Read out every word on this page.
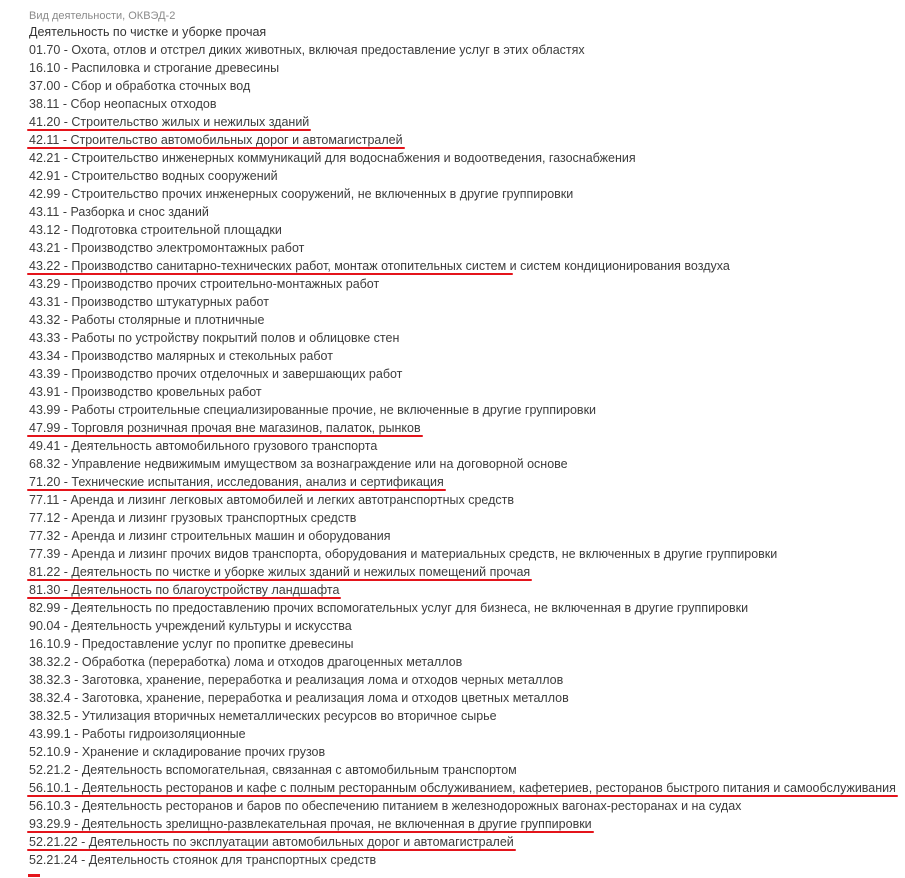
Вид деятельности, ОКВЭД-2
Деятельность по чистке и уборке прочая
01.70 - Охота, отлов и отстрел диких животных, включая предоставление услуг в этих областях
16.10 - Распиловка и строгание древесины
37.00 - Сбор и обработка сточных вод
38.11 - Сбор неопасных отходов
41.20 - Строительство жилых и нежилых зданий
42.11 - Строительство автомобильных дорог и автомагистралей
42.21 - Строительство инженерных коммуникаций для водоснабжения и водоотведения, газоснабжения
42.91 - Строительство водных сооружений
42.99 - Строительство прочих инженерных сооружений, не включенных в другие группировки
43.11 - Разборка и снос зданий
43.12 - Подготовка строительной площадки
43.21 - Производство электромонтажных работ
43.22 - Производство санитарно-технических работ, монтаж отопительных систем и систем кондиционирования воздуха
43.29 - Производство прочих строительно-монтажных работ
43.31 - Производство штукатурных работ
43.32 - Работы столярные и плотничные
43.33 - Работы по устройству покрытий полов и облицовке стен
43.34 - Производство малярных и стекольных работ
43.39 - Производство прочих отделочных и завершающих работ
43.91 - Производство кровельных работ
43.99 - Работы строительные специализированные прочие, не включенные в другие группировки
47.99 - Торговля розничная прочая вне магазинов, палаток, рынков
49.41 - Деятельность автомобильного грузового транспорта
68.32 - Управление недвижимым имуществом за вознаграждение или на договорной основе
71.20 - Технические испытания, исследования, анализ и сертификация
77.11 - Аренда и лизинг легковых автомобилей и легких автотранспортных средств
77.12 - Аренда и лизинг грузовых транспортных средств
77.32 - Аренда и лизинг строительных машин и оборудования
77.39 - Аренда и лизинг прочих видов транспорта, оборудования и материальных средств, не включенных в другие группировки
81.22 - Деятельность по чистке и уборке жилых зданий и нежилых помещений прочая
81.30 - Деятельность по благоустройству ландшафта
82.99 - Деятельность по предоставлению прочих вспомогательных услуг для бизнеса, не включенная в другие группировки
90.04 - Деятельность учреждений культуры и искусства
16.10.9 - Предоставление услуг по пропитке древесины
38.32.2 - Обработка (переработка) лома и отходов драгоценных металлов
38.32.3 - Заготовка, хранение, переработка и реализация лома и отходов черных металлов
38.32.4 - Заготовка, хранение, переработка и реализация лома и отходов цветных металлов
38.32.5 - Утилизация вторичных неметаллических ресурсов во вторичное сырье
43.99.1 - Работы гидроизоляционные
52.10.9 - Хранение и складирование прочих грузов
52.21.2 - Деятельность вспомогательная, связанная с автомобильным транспортом
56.10.1 - Деятельность ресторанов и кафе с полным ресторанным обслуживанием, кафетериев, ресторанов быстрого питания и самообслуживания
56.10.3 - Деятельность ресторанов и баров по обеспечению питанием в железнодорожных вагонах-ресторанах и на судах
93.29.9 - Деятельность зрелищно-развлекательная прочая, не включенная в другие группировки
52.21.22 - Деятельность по эксплуатации автомобильных дорог и автомагистралей
52.21.24 - Деятельность стоянок для транспортных средств
